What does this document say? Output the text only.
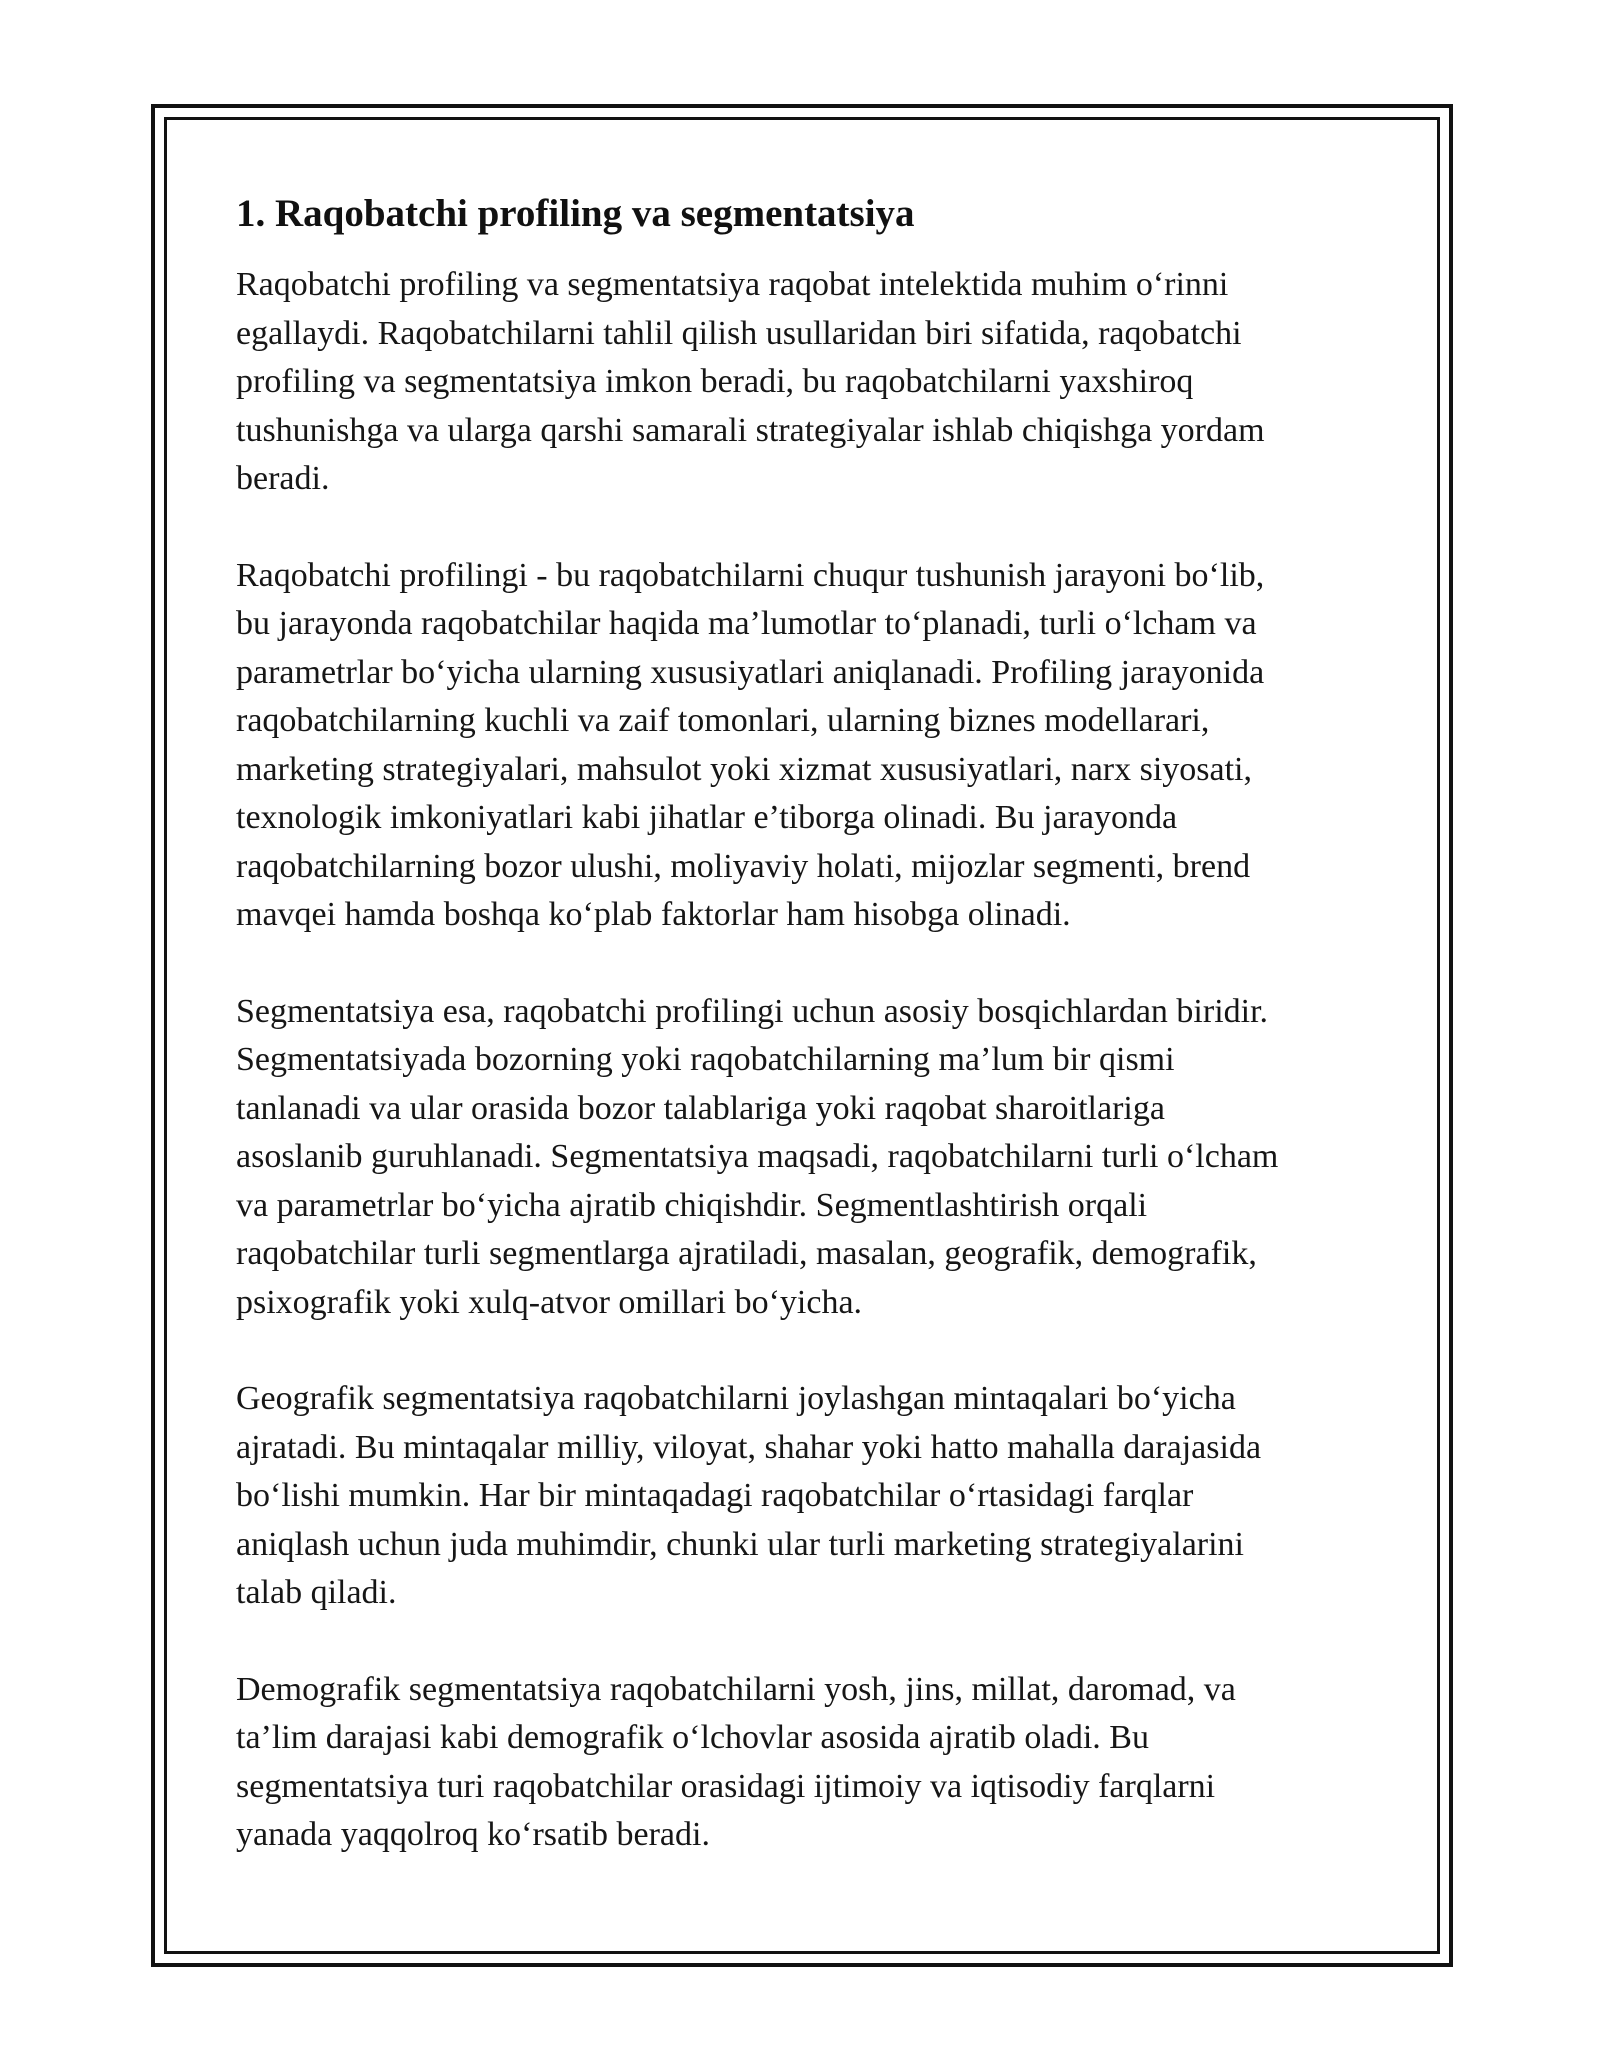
1. Raqobatchi profiling va segmentatsiya

Raqobatchi profiling va segmentatsiya raqobat intelektida muhim o‘rinni
egallaydi. Raqobatchilarni tahlil qilish usullaridan biri sifatida, raqobatchi
profiling va segmentatsiya imkon beradi, bu raqobatchilarni yaxshiroq
tushunishga va ularga qarshi samarali strategiyalar ishlab chiqishga yordam
beradi.

Raqobatchi profilingi - bu raqobatchilarni chuqur tushunish jarayoni bo‘lib,
bu jarayonda raqobatchilar haqida ma’lumotlar to‘planadi, turli o‘lcham va
parametrlar bo‘yicha ularning xususiyatlari aniqlanadi. Profiling jarayonida
raqobatchilarning kuchli va zaif tomonlari, ularning biznes modellarari,
marketing strategiyalari, mahsulot yoki xizmat xususiyatlari, narx siyosati,
texnologik imkoniyatlari kabi jihatlar e’tiborga olinadi. Bu jarayonda
raqobatchilarning bozor ulushi, moliyaviy holati, mijozlar segmenti, brend
mavqei hamda boshqa ko‘plab faktorlar ham hisobga olinadi.

Segmentatsiya esa, raqobatchi profilingi uchun asosiy bosqichlardan biridir.
Segmentatsiyada bozorning yoki raqobatchilarning ma’lum bir qismi
tanlanadi va ular orasida bozor talablariga yoki raqobat sharoitlariga
asoslanib guruhlanadi. Segmentatsiya maqsadi, raqobatchilarni turli o‘lcham
va parametrlar bo‘yicha ajratib chiqishdir. Segmentlashtirish orqali
raqobatchilar turli segmentlarga ajratiladi, masalan, geografik, demografik,
psixografik yoki xulq-atvor omillari bo‘yicha.

Geografik segmentatsiya raqobatchilarni joylashgan mintaqalari bo‘yicha
ajratadi. Bu mintaqalar milliy, viloyat, shahar yoki hatto mahalla darajasida
bo‘lishi mumkin. Har bir mintaqadagi raqobatchilar o‘rtasidagi farqlar
aniqlash uchun juda muhimdir, chunki ular turli marketing strategiyalarini
talab qiladi.

Demografik segmentatsiya raqobatchilarni yosh, jins, millat, daromad, va
ta’lim darajasi kabi demografik o‘lchovlar asosida ajratib oladi. Bu
segmentatsiya turi raqobatchilar orasidagi ijtimoiy va iqtisodiy farqlarni
yanada yaqqolroq ko‘rsatib beradi.
